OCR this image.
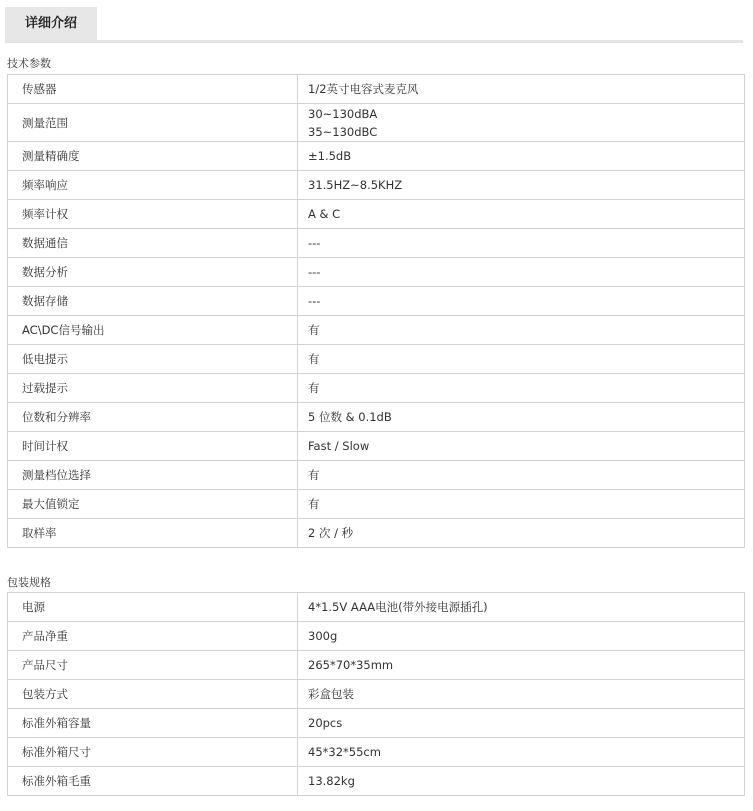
详细介绍
技术参数
传感器	1/2英寸电容式麦克风
测量范围	30~130dBA
35~130dBC

测量精确度	±1.5dB
频率响应	31.5HZ~8.5KHZ
频率计权	A & C
数据通信	---
数据分析	---
数据存储	---
AC\DC信号输出	有
低电提示	有
过载提示	有
位数和分辨率	5 位数 & 0.1dB
时间计权	Fast / Slow
测量档位选择	有
最大值锁定	有
取样率	2 次 / 秒
包装规格
电源	4*1.5V AAA电池(带外接电源插孔)
产品净重	300g
产品尺寸	265*70*35mm
包装方式	彩盒包装
标准外箱容量	20pcs
标准外箱尺寸	45*32*55cm
标准外箱毛重	13.82kg
